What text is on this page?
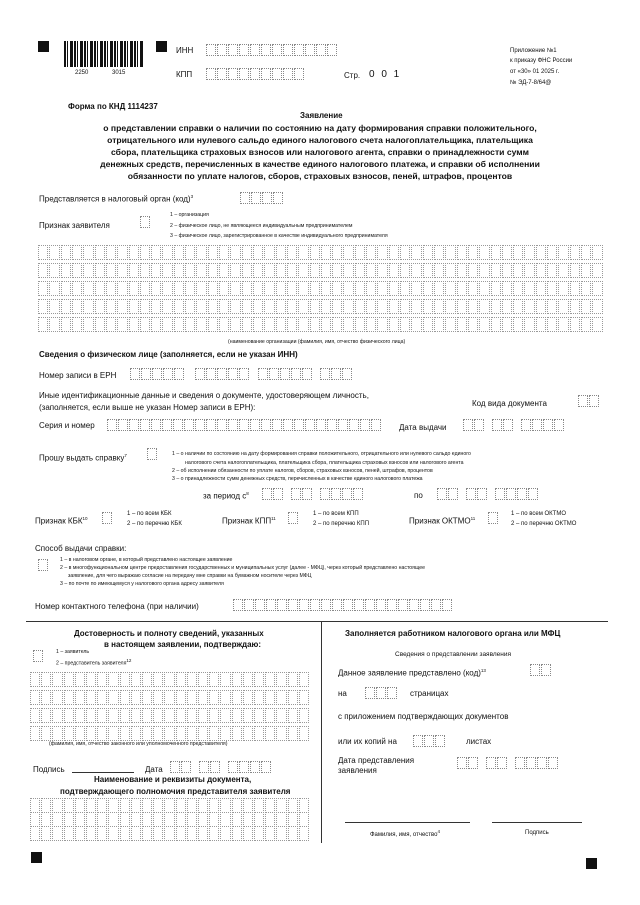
2250	3015
ИНН
КПП	Стр. 0 0 1
Приложение №1
к приказу ФНС России
от «30» 01 2025 г.
№ ЭД-7-8/64@
Форма по КНД 1114237
Заявление
о представлении справки о наличии по состоянию на дату формирования справки положительного,
отрицательного или нулевого сальдо единого налогового счета налогоплательщика, плательщика
сбора, плательщика страховых взносов или налогового агента, справки о принадлежности сумм
денежных средств, перечисленных в качестве единого налогового платежа, и справки об исполнении
обязанности по уплате налогов, сборов, страховых взносов, пеней, штрафов, процентов
Представляется в налоговый орган (код)$^3$
Признак заявителя
1 – организация
2 – физическое лицо, не являющееся индивидуальным предпринимателем
3 – физическое лицо, зарегистрированное в качестве индивидуального предпринимателя
(наименование организации (фамилия, имя, отчество физического лица)
Сведения о физическом лице (заполняется, если не указан ИНН)
Номер записи в ЕРН
Иные идентификационные данные и сведения о документе, удостоверяющем личность,
(заполняется, если выше не указан Номер записи в ЕРН):	Код вида документа
Серия и номер	Дата выдачи
Прошу выдать справку$^7$	1 – о наличии по состоянию на дату формирования справки положительного, отрицательного или нулевого сальдо единого
налогового счета налогоплательщика, плательщика сбора, плательщика страховых взносов или налогового агента
2 – об исполнении обязанности по уплате налогов, сборов, страховых взносов, пеней, штрафов, процентов
3 – о принадлежности сумм денежных средств, перечисленных в качестве единого налогового платежа
за период $с^8$	по
Признак КБК$^{10}$
1 – по всем КБК
2 – по перечню КБК	Признак КПП$^{11}$
1 – по всем КПП
2 – по перечню КПП	Признак ОКТМО$^{11}$
1 – по всем ОКТМО
2 – по перечню ОКТМО
Способ выдачи справки:
1 – в налоговом органе, в который представлено настоящее заявление
2 – в многофункциональном центре предоставления государственных и муниципальных услуг (далее - МФЦ), через который представлено настоящее
заявление, для чего выражаю согласие на передачу мне справки на бумажном носителе через МФЦ
3 – по почте по имеющемуся у налогового органа адресу заявителя
Номер контактного телефона (при наличии)
Достоверность и полноту сведений, указанных
в настоящем заявлении, подтверждаю:
1 – заявитель
2 – представитель заявителя12
(фамилия, имя, отчество законного или уполномоченного представителя)
Подпись	Дата
Наименование и реквизиты документа,
подтверждающего полномочия представителя заявителя
Заполняется работником налогового органа или МФЦ
Сведения о представлении заявления
Данное заявление представлено (код)$^{13}$
на	страницах
с приложением подтверждающих документов
или их копий на	листах
Дата представления
заявления
Фамилия, имя, отчество$^4$	Подпись
